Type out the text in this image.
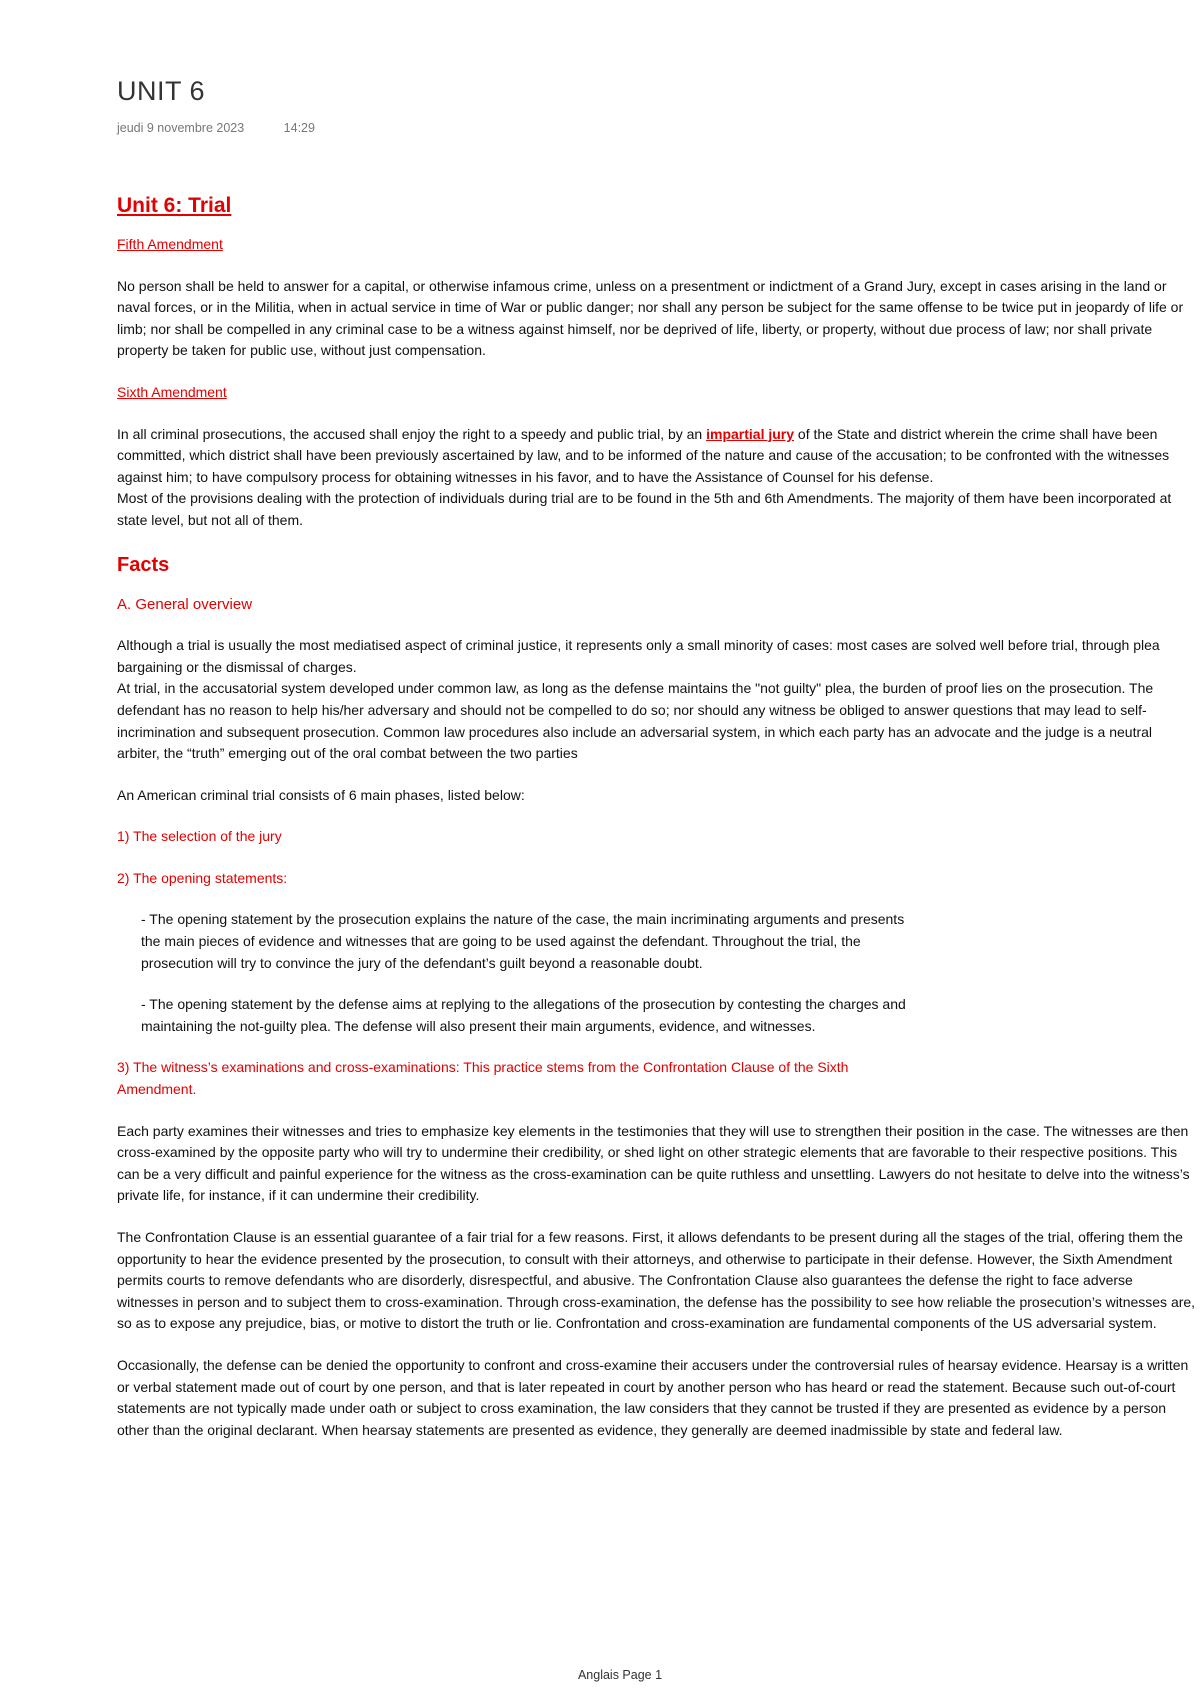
UNIT 6
jeudi 9 novembre 2023	14:29
Unit 6: Trial
Fifth Amendment

No person shall be held to answer for a capital, or otherwise infamous crime, unless on a presentment or indictment of a Grand Jury, except in cases arising in the land or naval forces, or in the Militia, when in actual service in time of War or public danger; nor shall any person be subject for the same offense to be twice put in jeopardy of life or limb; nor shall be compelled in any criminal case to be a witness against himself, nor be deprived of life, liberty, or property, without due process of law; nor shall private property be taken for public use, without just compensation.

Sixth Amendment

In all criminal prosecutions, the accused shall enjoy the right to a speedy and public trial, by an impartial jury of the State and district wherein the crime shall have been committed, which district shall have been previously ascertained by law, and to be informed of the nature and cause of the accusation; to be confronted with the witnesses against him; to have compulsory process for obtaining witnesses in his favor, and to have the Assistance of Counsel for his defense.

Most of the provisions dealing with the protection of individuals during trial are to be found in the 5th and 6th Amendments. The majority of them have been incorporated at state level, but not all of them.

Facts
A. General overview

Although a trial is usually the most mediatised aspect of criminal justice, it represents only a small minority of cases: most cases are solved well before trial, through plea bargaining or the dismissal of charges.

At trial, in the accusatorial system developed under common law, as long as the defense maintains the "not guilty" plea, the burden of proof lies on the prosecution. The defendant has no reason to help his/her adversary and should not be compelled to do so; nor should any witness be obliged to answer questions that may lead to self-incrimination and subsequent prosecution. Common law procedures also include an adversarial system, in which each party has an advocate and the judge is a neutral arbiter, the “truth” emerging out of the oral combat between the two parties

An American criminal trial consists of 6 main phases, listed below:

1) The selection of the jury
2) The opening statements:

- The opening statement by the prosecution explains the nature of the case, the main incriminating arguments and presents the main pieces of evidence and witnesses that are going to be used against the defendant. Throughout the trial, the prosecution will try to convince the jury of the defendant’s guilt beyond a reasonable doubt.

- The opening statement by the defense aims at replying to the allegations of the prosecution by contesting the charges and maintaining the not-guilty plea. The defense will also present their main arguments, evidence, and witnesses.

3) The witness’s examinations and cross-examinations: This practice stems from the Confrontation Clause of the Sixth Amendment.

Each party examines their witnesses and tries to emphasize key elements in the testimonies that they will use to strengthen their position in the case. The witnesses are then cross-examined by the opposite party who will try to undermine their credibility, or shed light on other strategic elements that are favorable to their respective positions. This can be a very difficult and painful experience for the witness as the cross-examination can be quite ruthless and unsettling. Lawyers do not hesitate to delve into the witness’s private life, for instance, if it can undermine their credibility.

The Confrontation Clause is an essential guarantee of a fair trial for a few reasons. First, it allows defendants to be present during all the stages of the trial, offering them the opportunity to hear the evidence presented by the prosecution, to consult with their attorneys, and otherwise to participate in their defense. However, the Sixth Amendment permits courts to remove defendants who are disorderly, disrespectful, and abusive. The Confrontation Clause also guarantees the defense the right to face adverse witnesses in person and to subject them to cross-examination. Through cross-examination, the defense has the possibility to see how reliable the prosecution’s witnesses are, so as to expose any prejudice, bias, or motive to distort the truth or lie. Confrontation and cross-examination are fundamental components of the US adversarial system.

Occasionally, the defense can be denied the opportunity to confront and cross-examine their accusers under the controversial rules of hearsay evidence. Hearsay is a written or verbal statement made out of court by one person, and that is later repeated in court by another person who has heard or read the statement. Because such out-of-court statements are not typically made under oath or subject to cross examination, the law considers that they cannot be trusted if they are presented as evidence by a person other than the original declarant. When hearsay statements are presented as evidence, they generally are deemed inadmissible by state and federal law.

Anglais Page 1
